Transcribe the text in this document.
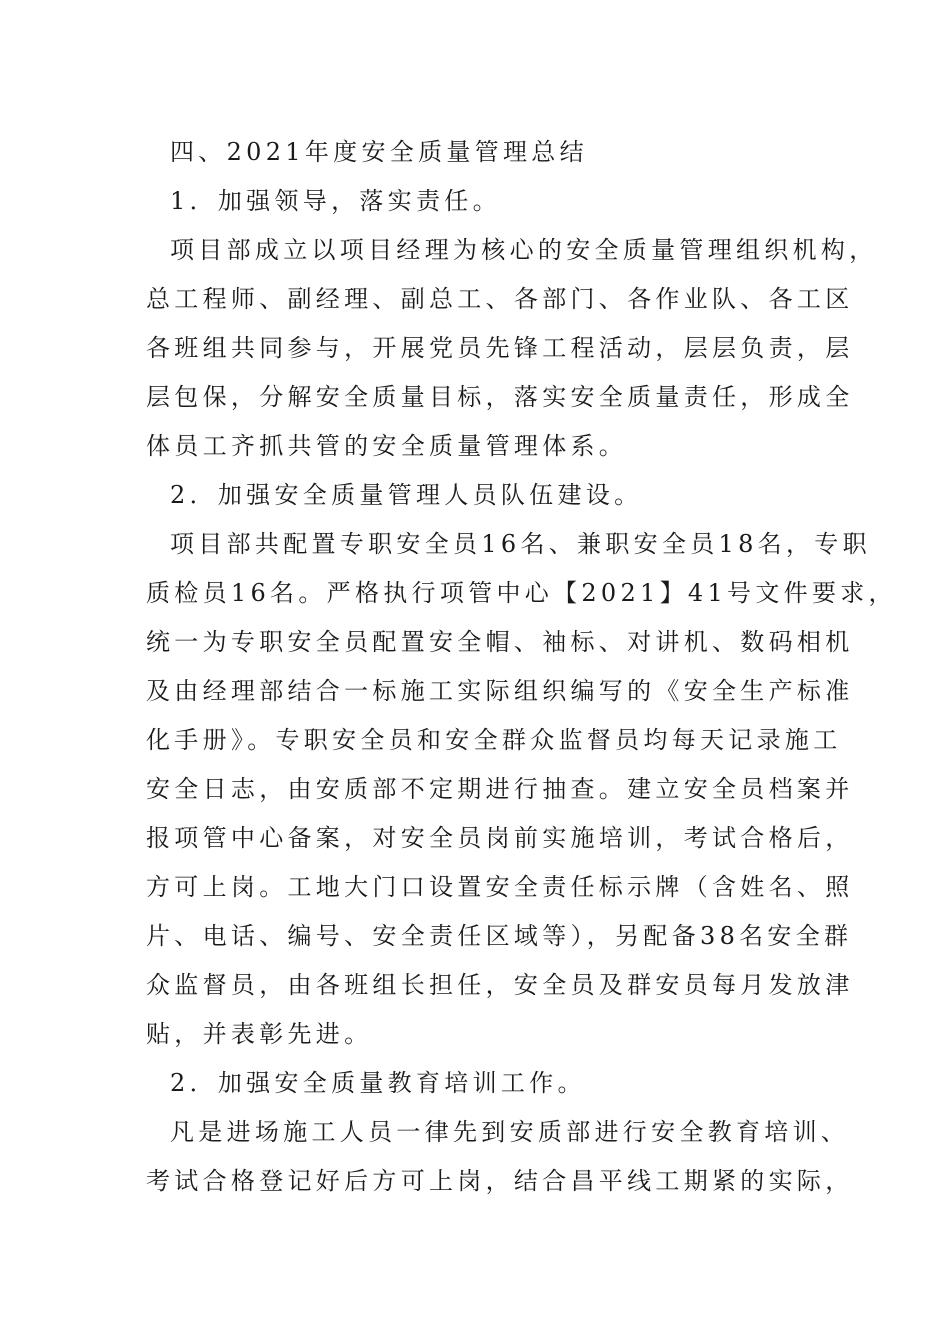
四、2021年度安全质量管理总结
1．加强领导，落实责任。
项目部成立以项目经理为核心的安全质量管理组织机构，
总工程师、副经理、副总工、各部门、各作业队、各工区
各班组共同参与，开展党员先锋工程活动，层层负责，层
层包保，分解安全质量目标，落实安全质量责任，形成全
体员工齐抓共管的安全质量管理体系。
2．加强安全质量管理人员队伍建设。
项目部共配置专职安全员16名、兼职安全员18名，专职
质检员16名。严格执行项管中心【2021】41号文件要求，
统一为专职安全员配置安全帽、袖标、对讲机、数码相机
及由经理部结合一标施工实际组织编写的《安全生产标准
化手册》。专职安全员和安全群众监督员均每天记录施工
安全日志，由安质部不定期进行抽查。建立安全员档案并
报项管中心备案，对安全员岗前实施培训，考试合格后，
方可上岗。工地大门口设置安全责任标示牌（含姓名、照
片、电话、编号、安全责任区域等），另配备38名安全群
众监督员，由各班组长担任，安全员及群安员每月发放津
贴，并表彰先进。
2．加强安全质量教育培训工作。
凡是进场施工人员一律先到安质部进行安全教育培训、
考试合格登记好后方可上岗，结合昌平线工期紧的实际，
